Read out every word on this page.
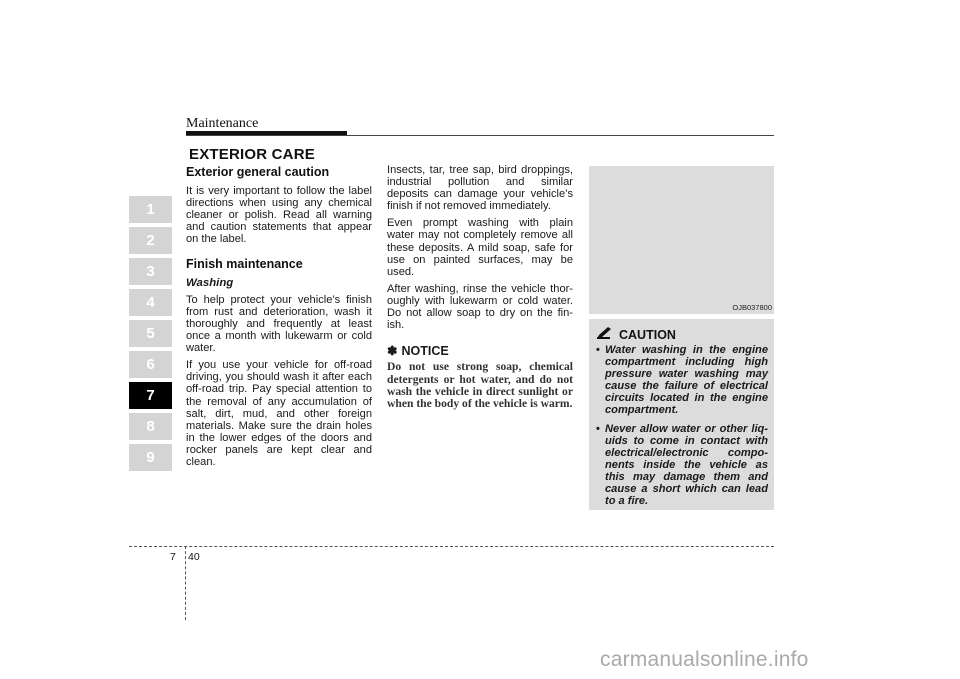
Maintenance
EXTERIOR CARE
1
2
3
4
5
6
7
8
9
Exterior general caution

It is very important to follow the label directions when using any chemical cleaner or polish. Read all warning and caution statements that appear on the label.

Finish maintenance
Washing

To help protect your vehicle’s finish from rust and deterioration, wash it thoroughly and frequently at least once a month with lukewarm or cold water.

If you use your vehicle for off-road driving, you should wash it after each off-road trip. Pay special attention to the removal of any accumulation of salt, dirt, mud, and other foreign materials. Make sure the drain holes in the lower edges of the doors and rocker panels are kept clear and clean.

Insects, tar, tree sap, bird droppings, industrial pollution and similar deposits can damage your vehicle’s finish if not removed immediately.

Even prompt washing with plain water may not completely remove all these deposits. A mild soap, safe for use on painted surfaces, may be used.

After washing, rinse the vehicle thor-oughly with lukewarm or cold water. Do not allow soap to dry on the fin-ish.

✽ NOTICE

Do not use strong soap, chemical detergents or hot water, and do not wash the vehicle in direct sunlight or when the body of the vehicle is warm.

OJB037800
CAUTION
• Water washing in the engine compartment including high pressure water washing may cause the failure of electrical circuits located in the engine compartment.
• Never allow water or other liq-uids to come in contact with electrical/electronic compo-nents inside the vehicle as this may damage them and cause a short which can lead to a fire.
7 40
carmanualsonline.info
